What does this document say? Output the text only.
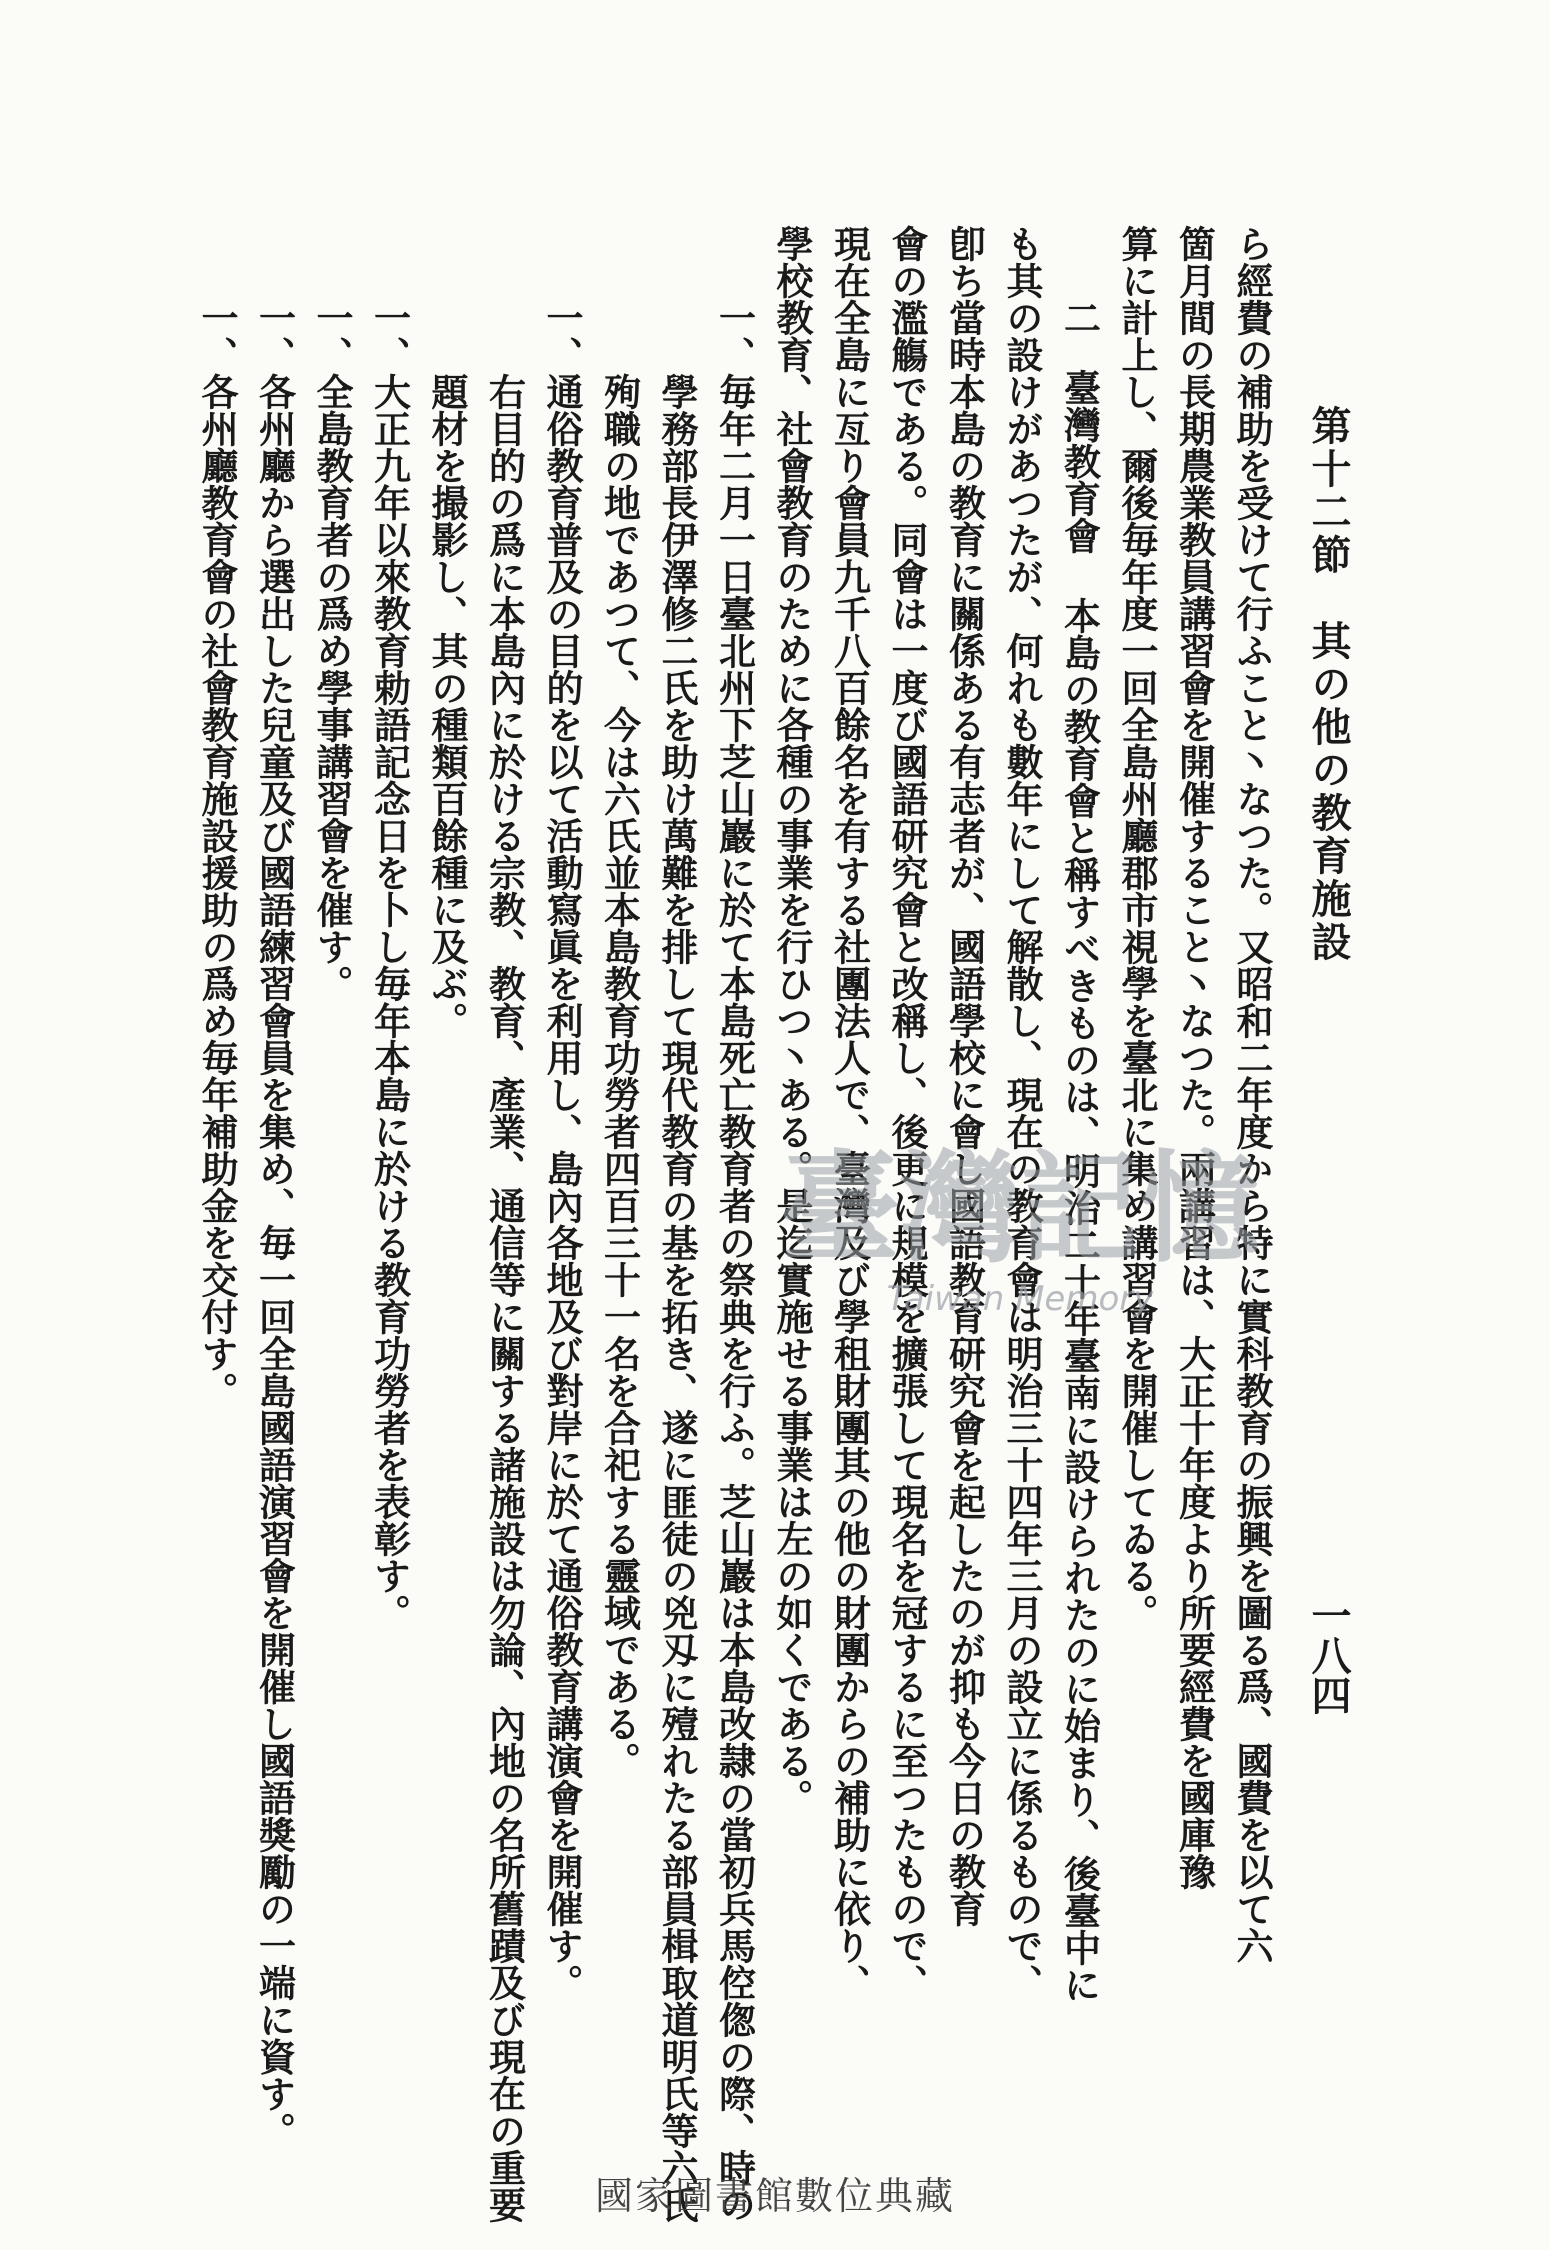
第十二節　其の他の教育施設
一八四
ら經費の補助を受けて行ふこと丶なつた。又昭和二年度から特に實科教育の振興を圖る爲、國費を以て六
箇月間の長期農業教員講習會を開催すること丶なつた。兩講習は、大正十年度より所要經費を國庫豫
算に計上し、爾後毎年度一回全島州廳郡市視學を臺北に集め講習會を開催してゐる。
二 臺灣教育會 本島の教育會と稱すべきものは、明治二十年臺南に設けられたのに始まり、後臺中に
も其の設けがあつたが、何れも數年にして解散し、現在の教育會は明治三十四年三月の設立に係るもので、
卽ち當時本島の教育に關係ある有志者が、國語學校に會し國語教育研究會を起したのが抑も今日の教育
會の濫觴である。同會は一度び國語研究會と改稱し、後更に規模を擴張して現名を冠するに至つたもので、
現在全島に亙り會員九千八百餘名を有する社團法人で、臺灣及び學租財團其の他の財團からの補助に依り、
學校教育、社會教育のために各種の事業を行ひつ丶ある。是迄實施せる事業は左の如くである。
一、毎年二月一日臺北州下芝山巖に於て本島死亡教育者の祭典を行ふ。芝山巖は本島改隷の當初兵馬倥偬の際、時の
學務部長伊澤修二氏を助け萬難を排して現代教育の基を拓き、遂に匪徒の兇刄に殪れたる部員楫取道明氏等六氏
殉職の地であつて、今は六氏並本島教育功勞者四百三十一名を合祀する靈域である。
一、通俗教育普及の目的を以て活動寫眞を利用し、島內各地及び對岸に於て通俗教育講演會を開催す。
右目的の爲に本島內に於ける宗教、教育、產業、通信等に關する諸施設は勿論、內地の名所舊蹟及び現在の重要
題材を撮影し、其の種類百餘種に及ぶ。
一、大正九年以來教育勅語記念日を卜し毎年本島に於ける教育功勞者を表彰す。
一、全島教育者の爲め學事講習會を催す。
一、各州廳から選出した兒童及び國語練習會員を集め、毎一回全島國語演習會を開催し國語獎勵の一端に資す。
一、各州廳教育會の社會教育施設援助の爲め毎年補助金を交付す。	臺灣記憶
Taiwan Memory
國家圖書館數位典藏
